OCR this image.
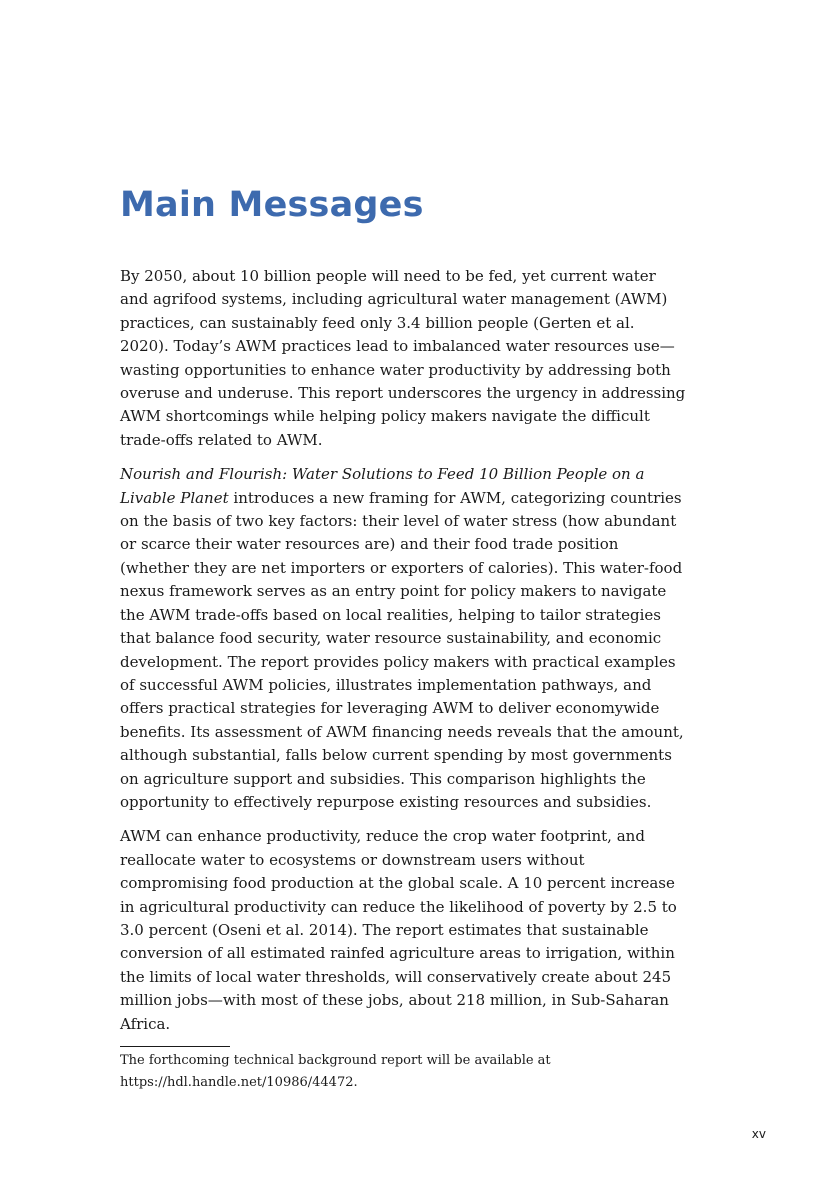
Main Messages

By 2050, about 10 billion people will need to be fed, yet current water and agrifood systems, including agricultural water management (AWM) practices, can sustainably feed only 3.4 billion people (Gerten et al. 2020). Today’s AWM practices lead to imbalanced water resources use—wasting opportunities to enhance water productivity by addressing both overuse and underuse. This report underscores the urgency in addressing AWM shortcomings while helping policy makers navigate the difficult trade-offs related to AWM.

Nourish and Flourish: Water Solutions to Feed 10 Billion People on a Livable Planet introduces a new framing for AWM, categorizing countries on the basis of two key factors: their level of water stress (how abundant or scarce their water resources are) and their food trade position (whether they are net importers or exporters of calories). This water-food nexus framework serves as an entry point for policy makers to navigate the AWM trade-offs based on local realities, helping to tailor strategies that balance food security, water resource sustainability, and economic development. The report provides policy makers with practical examples of successful AWM policies, illustrates implementation pathways, and offers practical strategies for leveraging AWM to deliver economywide benefits. Its assessment of AWM financing needs reveals that the amount, although substantial, falls below current spending by most governments on agriculture support and subsidies. This comparison highlights the opportunity to effectively repurpose existing resources and subsidies.

AWM can enhance productivity, reduce the crop water footprint, and reallocate water to ecosystems or downstream users without compromising food production at the global scale. A 10 percent increase in agricultural productivity can reduce the likelihood of poverty by 2.5 to 3.0 percent (Oseni et al. 2014). The report estimates that sustainable conversion of all estimated rainfed agriculture areas to irrigation, within the limits of local water thresholds, will conservatively create about 245 million jobs—with most of these jobs, about 218 million, in Sub-Saharan Africa.

The forthcoming technical background report will be available at
https://hdl.handle.net/10986/44472.

xv
